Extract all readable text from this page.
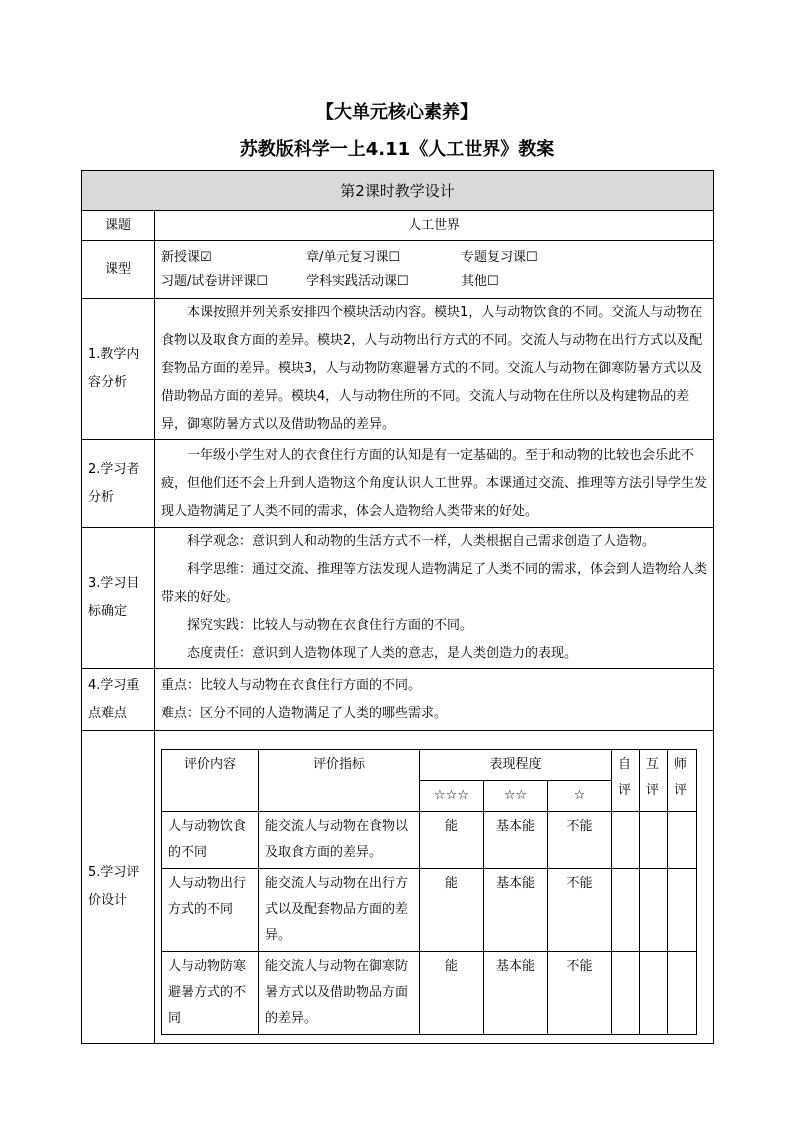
【大单元核心素养】
苏教版科学一上4.11《人工世界》教案
第2课时教学设计
课题	人工世界
课型	
新授课☑	章/单元复习课☐	专题复习课☐
习题/试卷讲评课☐	学科实践活动课☐	其他☐

1.教学内容分析

本课按照并列关系安排四个模块活动内容。模块1，人与动物饮食的不同。交流人与动物在食物以及取食方面的差异。模块2，人与动物出行方式的不同。交流人与动物在出行方式以及配套物品方面的差异。模块3，人与动物防寒避暑方式的不同。交流人与动物在御寒防暑方式以及借助物品方面的差异。模块4，人与动物住所的不同。交流人与动物在住所以及构建物品的差异，御寒防暑方式以及借助物品的差异。

2.学习者分析

一年级小学生对人的衣食住行方面的认知是有一定基础的。至于和动物的比较也会乐此不疲，但他们还不会上升到人造物这个角度认识人工世界。本课通过交流、推理等方法引导学生发现人造物满足了人类不同的需求，体会人造物给人类带来的好处。

3.学习目标确定

科学观念：意识到人和动物的生活方式不一样，人类根据自己需求创造了人造物。

科学思维：通过交流、推理等方法发现人造物满足了人类不同的需求，体会到人造物给人类带来的好处。

探究实践：比较人与动物在衣食住行方面的不同。

态度责任：意识到人造物体现了人类的意志，是人类创造力的表现。

4.学习重点难点

重点：比较人与动物在衣食住行方面的不同。

难点：区分不同的人造物满足了人类的哪些需求。

5.学习评价设计

评价内容	评价指标	表现程度	自评	互评	师评
☆☆☆	☆☆	☆
人与动物饮食的不同	能交流人与动物在食物以及取食方面的差异。	能	基本能	不能			
人与动物出行方式的不同	能交流人与动物在出行方式以及配套物品方面的差异。	能	基本能	不能			
人与动物防寒避暑方式的不同	能交流人与动物在御寒防暑方式以及借助物品方面的差异。	能	基本能	不能			
